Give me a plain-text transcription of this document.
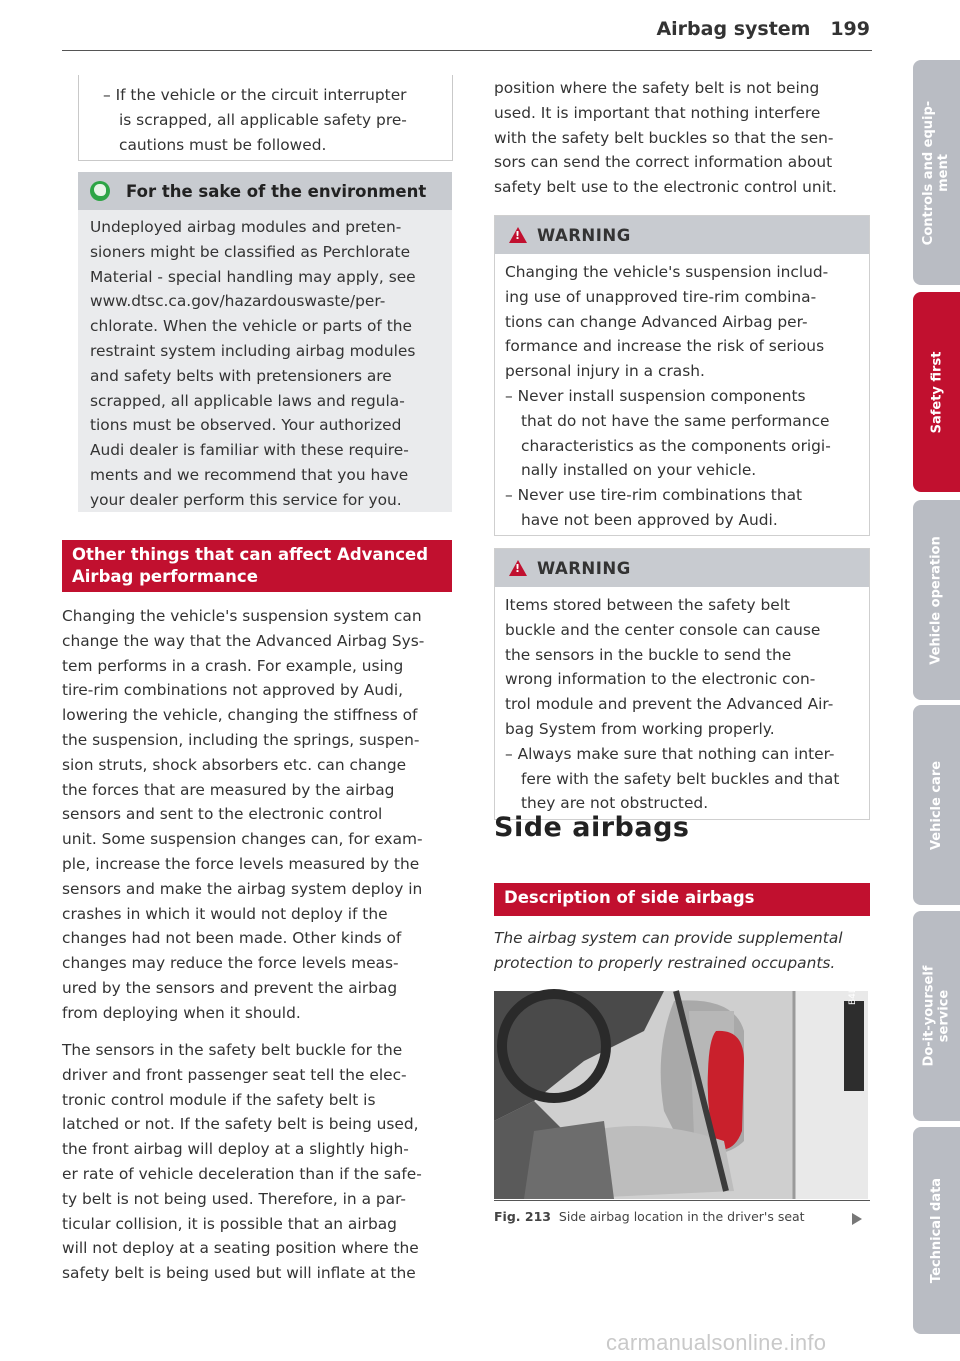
Airbag system 199
– If the vehicle or the circuit interrupter
is scrapped, all applicable safety pre-
cautions must be followed.
For the sake of the environment
Undeployed airbag modules and preten-
sioners might be classified as Perchlorate
Material - special handling may apply, see
www.dtsc.ca.gov/hazardouswaste/per-
chlorate. When the vehicle or parts of the
restraint system including airbag modules
and safety belts with pretensioners are
scrapped, all applicable laws and regula-
tions must be observed. Your authorized
Audi dealer is familiar with these require-
ments and we recommend that you have
your dealer perform this service for you.
Other things that can affect Advanced
Airbag performance
Changing the vehicle's suspension system can
change the way that the Advanced Airbag Sys-
tem performs in a crash. For example, using
tire-rim combinations not approved by Audi,
lowering the vehicle, changing the stiffness of
the suspension, including the springs, suspen-
sion struts, shock absorbers etc. can change
the forces that are measured by the airbag
sensors and sent to the electronic control
unit. Some suspension changes can, for exam-
ple, increase the force levels measured by the
sensors and make the airbag system deploy in
crashes in which it would not deploy if the
changes had not been made. Other kinds of
changes may reduce the force levels meas-
ured by the sensors and prevent the airbag
from deploying when it should.
The sensors in the safety belt buckle for the
driver and front passenger seat tell the elec-
tronic control module if the safety belt is
latched or not. If the safety belt is being used,
the front airbag will deploy at a slightly high-
er rate of vehicle deceleration than if the safe-
ty belt is not being used. Therefore, in a par-
ticular collision, it is possible that an airbag
will not deploy at a seating position where the
safety belt is being used but will inflate at the
position where the safety belt is not being
used. It is important that nothing interfere
with the safety belt buckles so that the sen-
sors can send the correct information about
safety belt use to the electronic control unit.
!
WARNING
Changing the vehicle's suspension includ-
ing use of unapproved tire-rim combina-
tions can change Advanced Airbag per-
formance and increase the risk of serious
personal injury in a crash.
– Never install suspension components
that do not have the same performance
characteristics as the components origi-
nally installed on your vehicle.
– Never use tire-rim combinations that
have not been approved by Audi.
!
WARNING
Items stored between the safety belt
buckle and the center console can cause
the sensors in the buckle to send the
wrong information to the electronic con-
trol module and prevent the Advanced Air-
bag System from working properly.
– Always make sure that nothing can inter-
fere with the safety belt buckles and that
they are not obstructed.
Side airbags
Description of side airbags
The airbag system can provide supplemental
protection to properly restrained occupants.	B4L-1508
Fig. 213 Side airbag location in the driver's seat
Controls and equip-
ment
Safety first
Vehicle operation
Vehicle care
Do-it-yourself
service
Technical data
carmanualsonline.info
